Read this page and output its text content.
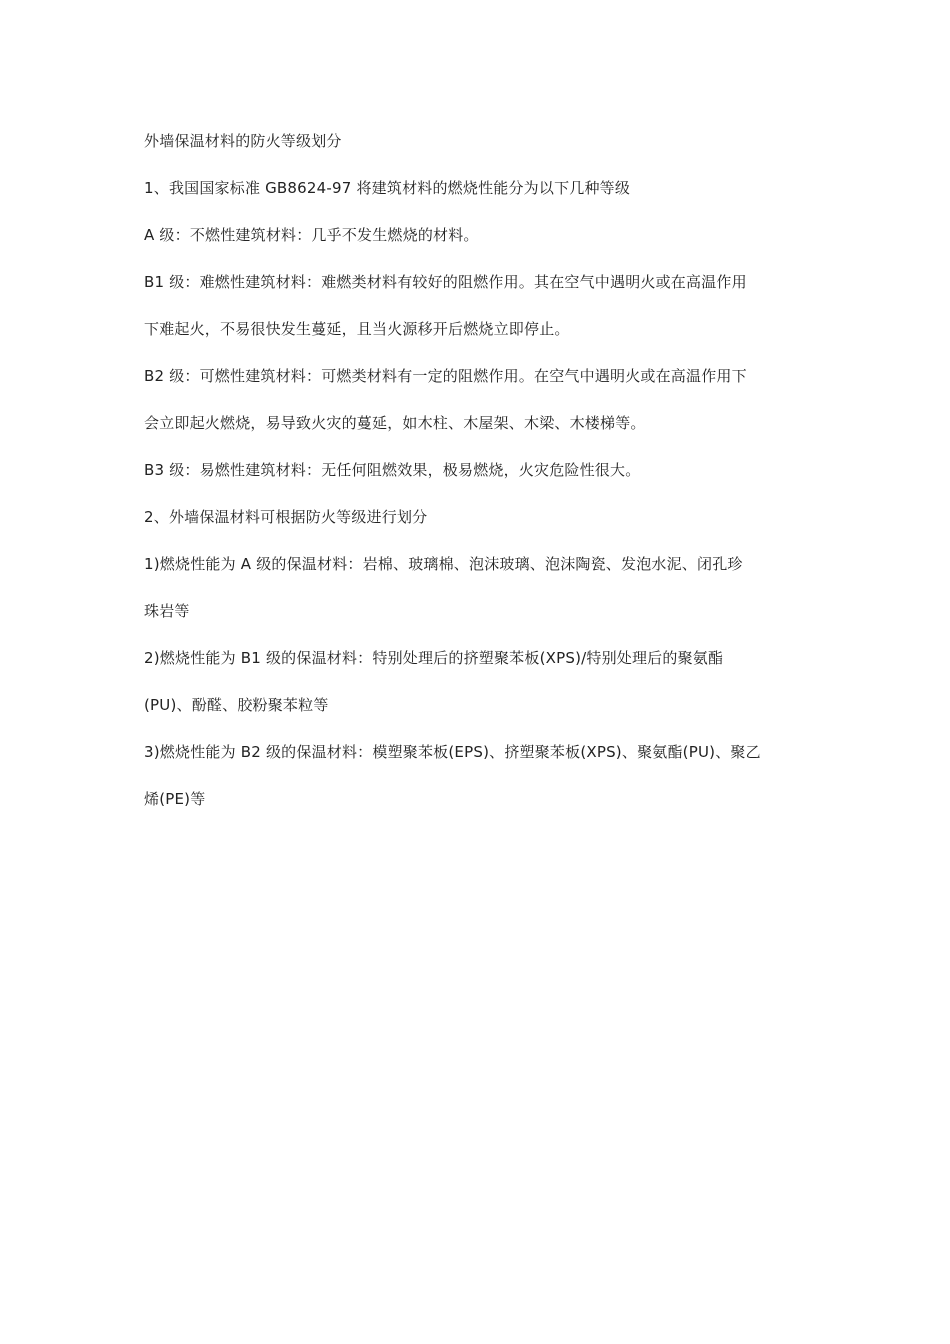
外墙保温材料的防火等级划分
1、我国国家标准 GB8624-97 将建筑材料的燃烧性能分为以下几种等级
A 级：不燃性建筑材料：几乎不发生燃烧的材料。
B1 级：难燃性建筑材料：难燃类材料有较好的阻燃作用。其在空气中遇明火或在高温作用
下难起火，不易很快发生蔓延，且当火源移开后燃烧立即停止。
B2 级：可燃性建筑材料：可燃类材料有一定的阻燃作用。在空气中遇明火或在高温作用下
会立即起火燃烧，易导致火灾的蔓延，如木柱、木屋架、木梁、木楼梯等。
B3 级：易燃性建筑材料：无任何阻燃效果，极易燃烧，火灾危险性很大。
2、外墙保温材料可根据防火等级进行划分
1)燃烧性能为 A 级的保温材料：岩棉、玻璃棉、泡沫玻璃、泡沫陶瓷、发泡水泥、闭孔珍
珠岩等
2)燃烧性能为 B1 级的保温材料：特别处理后的挤塑聚苯板(XPS)/特别处理后的聚氨酯
(PU)、酚醛、胶粉聚苯粒等
3)燃烧性能为 B2 级的保温材料：模塑聚苯板(EPS)、挤塑聚苯板(XPS)、聚氨酯(PU)、聚乙
烯(PE)等
